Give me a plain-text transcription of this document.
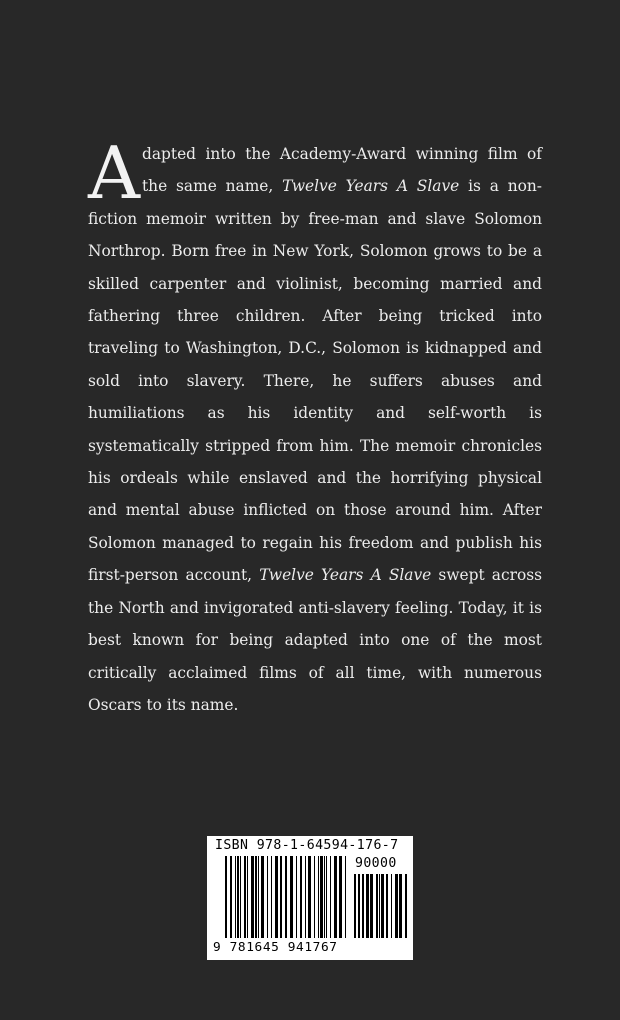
Adapted into the Academy-Award winning film of the same name, Twelve Years A Slave is a non-fiction memoir written by free-man and slave Solomon Northrop. Born free in New York, Solomon grows to be a skilled carpenter and violinist, becoming married and fathering three children. After being tricked into traveling to Washington, D.C., Solomon is kidnapped and sold into slavery. There, he suffers abuses and humiliations as his identity and self-worth is systematically stripped from him. The memoir chronicles his ordeals while enslaved and the horrifying physical and mental abuse inflicted on those around him. After Solomon managed to regain his freedom and publish his first-person account, Twelve Years A Slave swept across the North and invigorated anti-slavery feeling. Today, it is best known for being adapted into one of the most critically acclaimed films of all time, with numerous Oscars to its name.

ISBN 978-1-64594-176-7
90000
9 781645 941767
